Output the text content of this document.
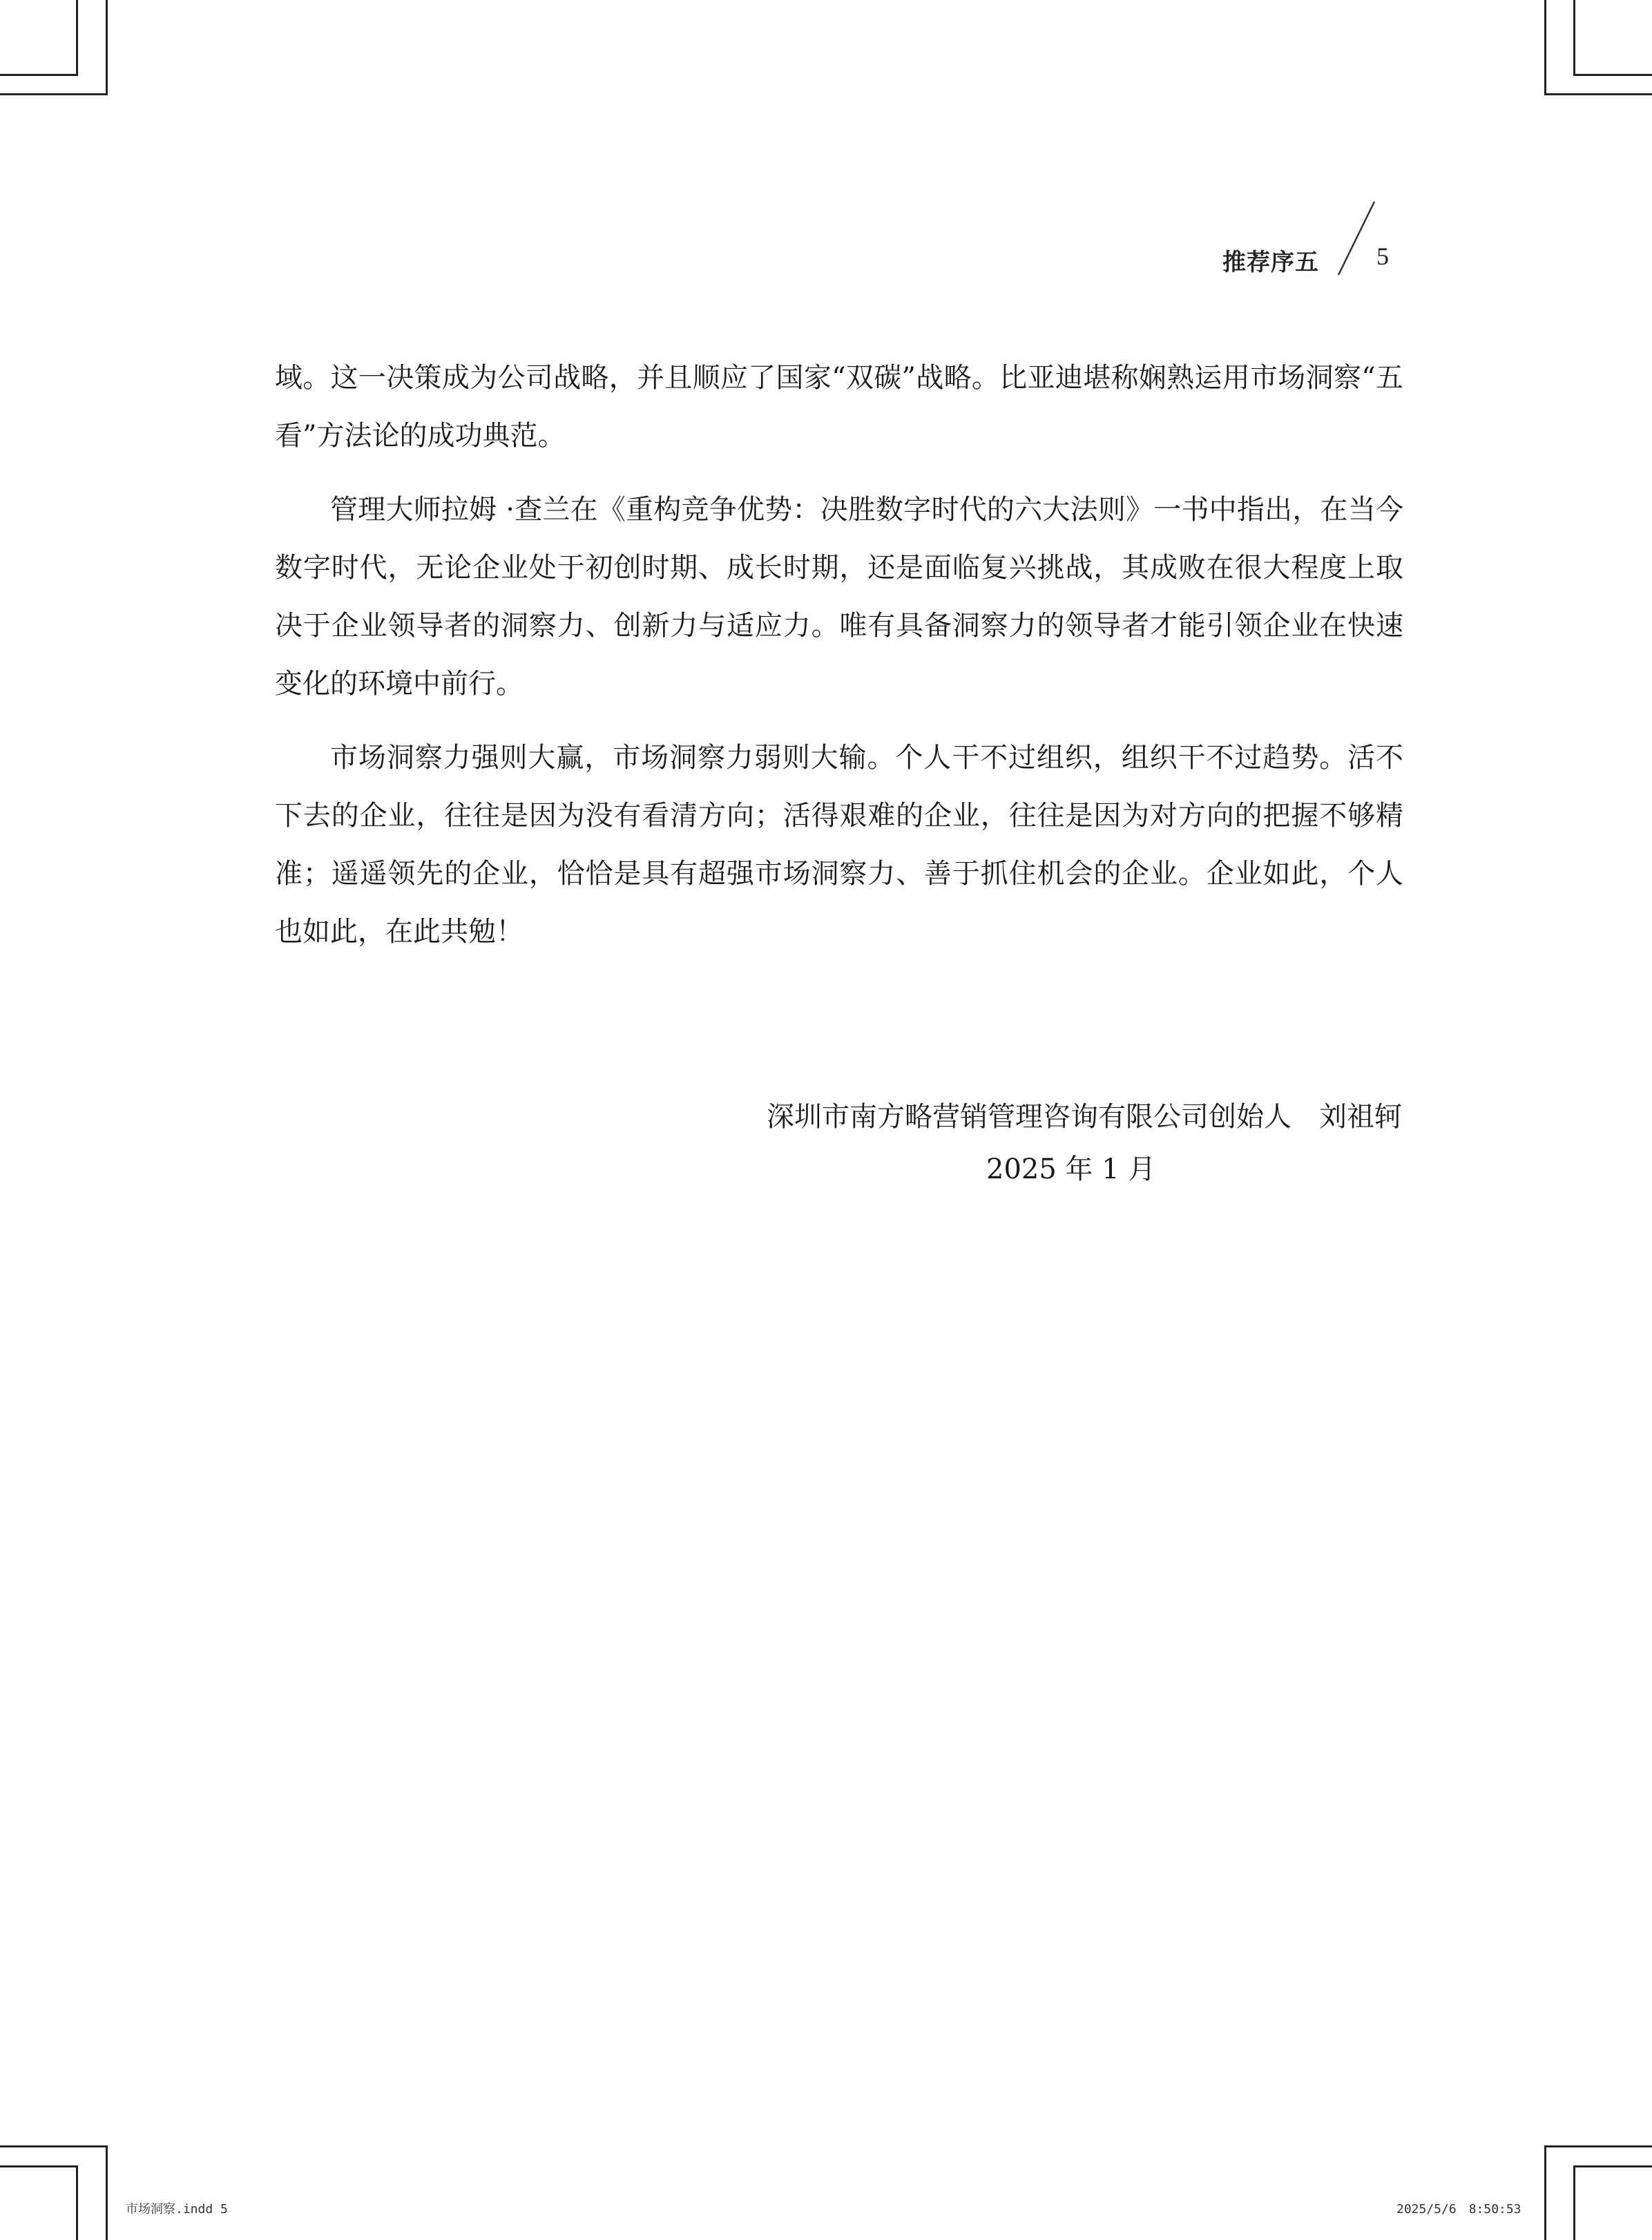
推荐序五 5

域。这一决策成为公司战略，并且顺应了国家“双碳”战略。比亚迪堪称娴熟运用市场洞察“五看”方法论的成功典范。

管理大师拉姆 ·查兰在《重构竞争优势：决胜数字时代的六大法则》一书中指出，在当今数字时代，无论企业处于初创时期、成长时期，还是面临复兴挑战，其成败在很大程度上取决于企业领导者的洞察力、创新力与适应力。唯有具备洞察力的领导者才能引领企业在快速变化的环境中前行。

市场洞察力强则大赢，市场洞察力弱则大输。个人干不过组织，组织干不过趋势。活不下去的企业，往往是因为没有看清方向；活得艰难的企业，往往是因为对方向的把握不够精准；遥遥领先的企业，恰恰是具有超强市场洞察力、善于抓住机会的企业。企业如此，个人也如此，在此共勉！

深圳市南方略营销管理咨询有限公司创始人　刘祖轲
2025 年 1 月
市场洞察.indd 5	2025/5/6　8:50:53
